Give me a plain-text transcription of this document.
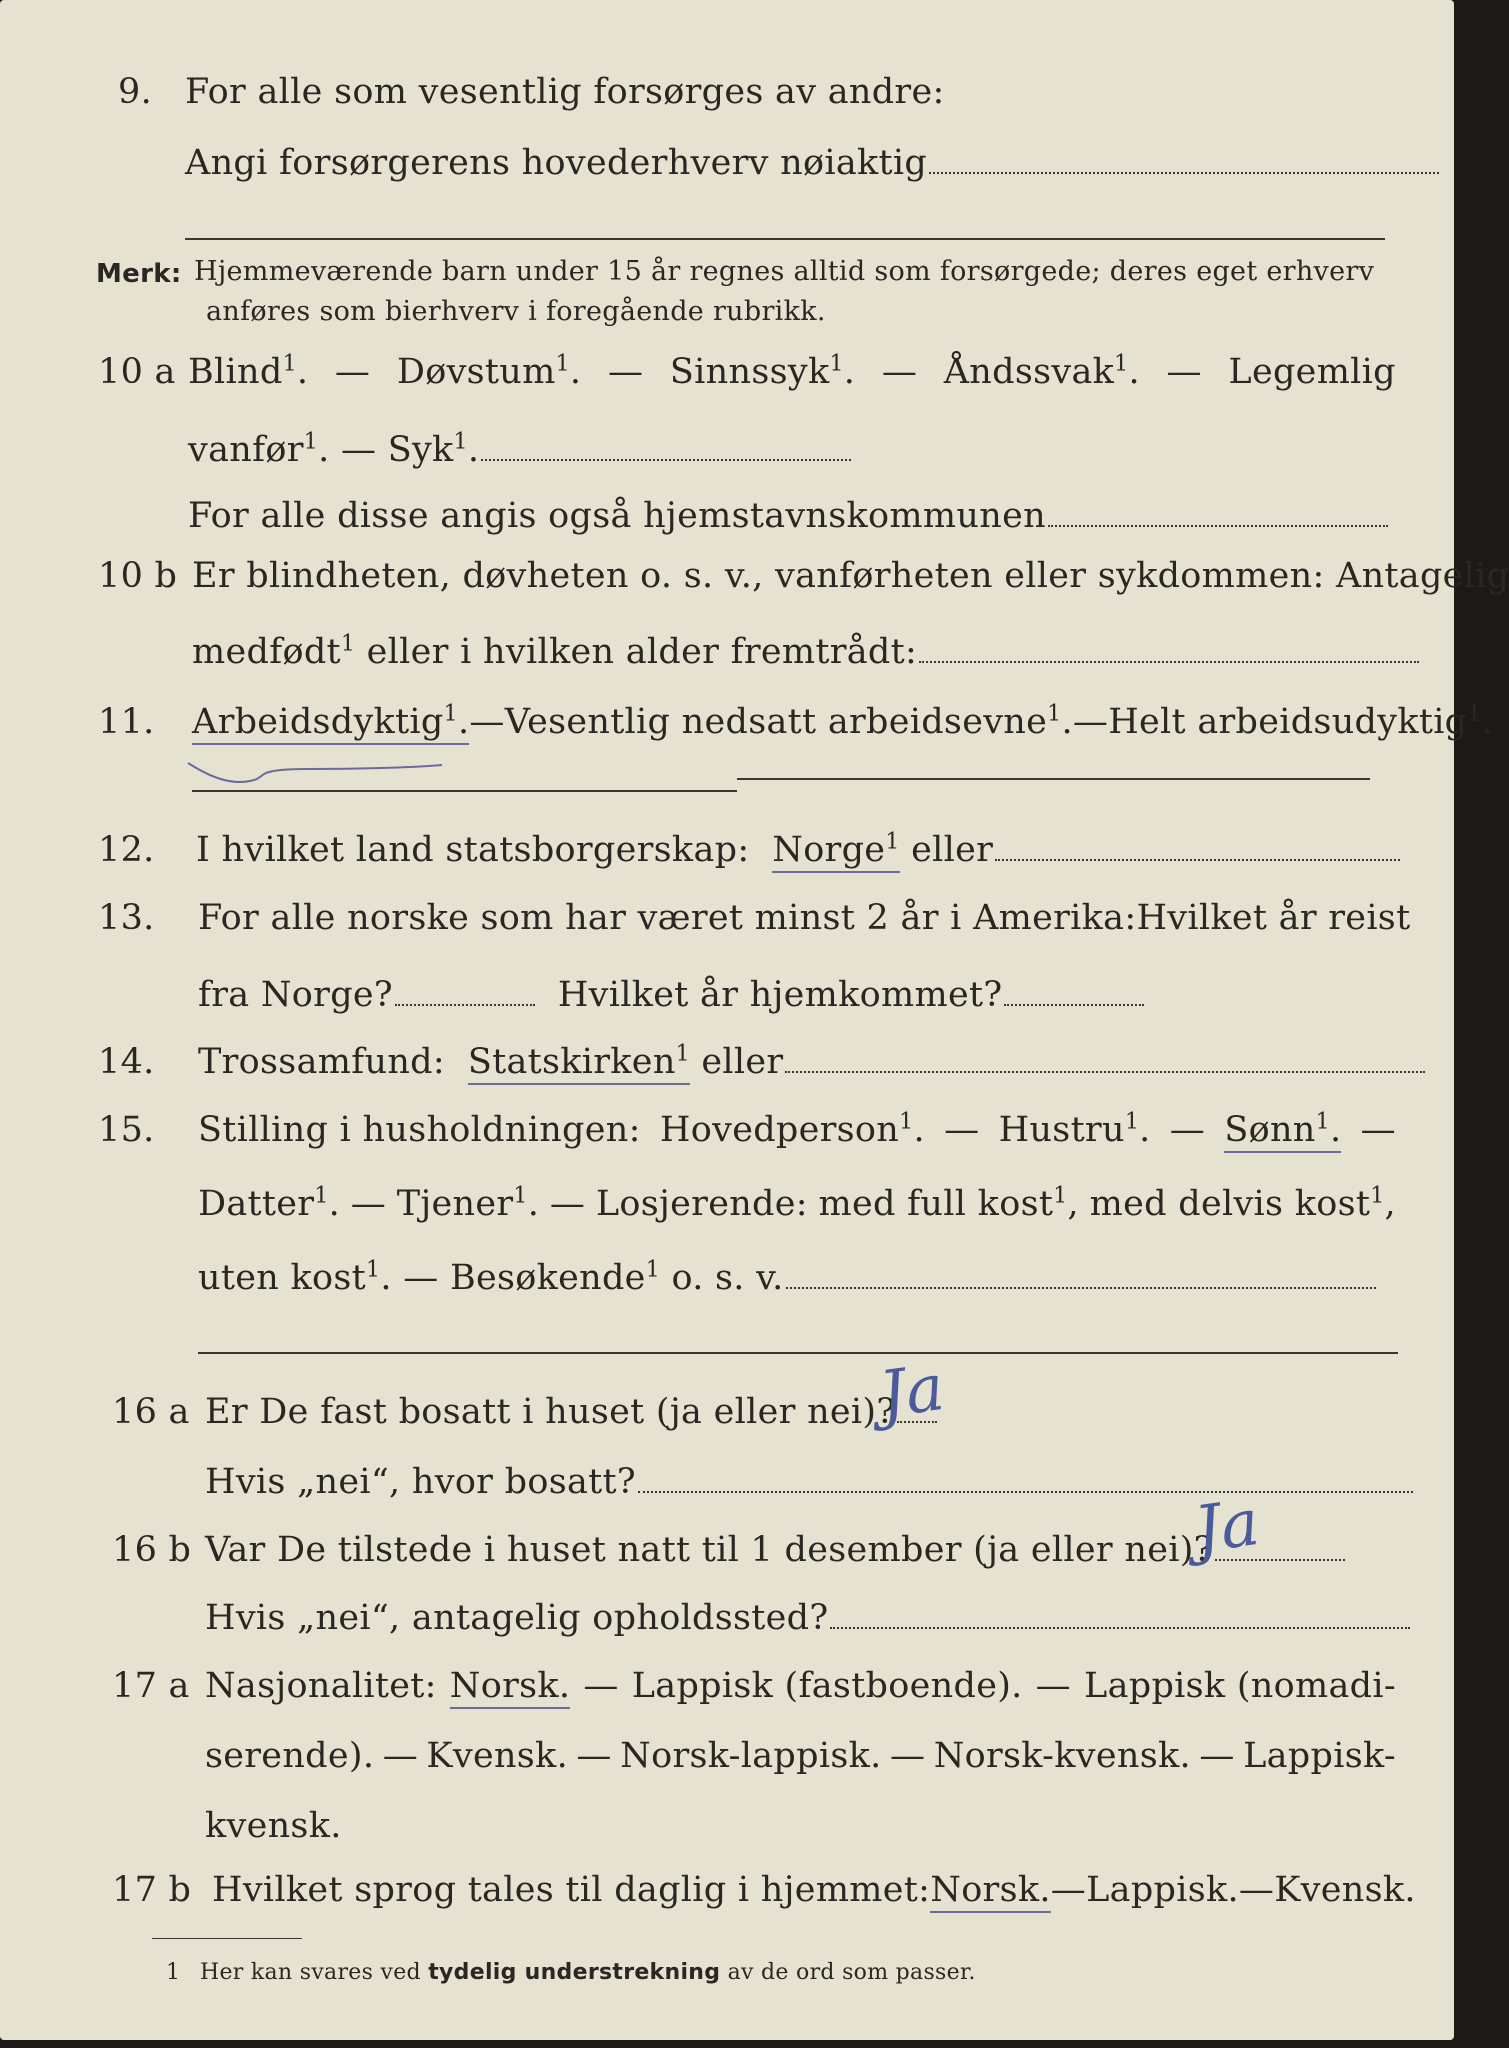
9. For alle som vesentlig forsørges av andre:
Angi forsørgerens hovederhverv nøiaktig
Merk: Hjemmeværende barn under 15 år regnes alltid som forsørgede; deres eget erhverv
anføres som bierhverv i foregående rubrikk.
10 a Blind$^1$. — Døvstum$^1$. — Sinnssyk$^1$. — Åndssvak$^1$. — Legemlig
vanfør$^1$. — Syk$^1$.
For alle disse angis også hjemstavnskommunen
10 b Er blindheten, døvheten o. s. v., vanførheten eller sykdommen: Antagelig
medfødt$^1$ eller i hvilken alder fremtrådt:
11. Arbeidsdyktig$^1$. — Vesentlig nedsatt arbeidsevne$^1$. — Helt arbeidsudyktig$^1$.
12. I hvilket land statsborgerskap: Norge$^1$ eller
13. For alle norske som har været minst 2 år i Amerika: Hvilket år reist
fra Norge?	Hvilket år hjemkommet?
14. Trossamfund: Statskirken$^1$ eller
15. Stilling i husholdningen: Hovedperson$^1$. — Hustru$^1$. — Sønn$^1$. —
Datter$^1$. — Tjener$^1$. — Losjerende: med full kost$^1$, med delvis kost$^1$,
uten kost$^1$. — Besøkende$^1$ o. s. v.
16 a Er De fast bosatt i huset (ja eller nei)?
Ja
Hvis „nei“, hvor bosatt?
16 b Var De tilstede i huset natt til 1 desember (ja eller nei)?
Ja
Hvis „nei“, antagelig opholdssted?
17 a Nasjonalitet: Norsk. — Lappisk (fastboende). — Lappisk (nomadi-
serende). — Kvensk. — Norsk-lappisk. — Norsk-kvensk. — Lappisk-
kvensk.
17 b Hvilket sprog tales til daglig i hjemmet: Norsk. — Lappisk. — Kvensk.
1 Her kan svares ved tydelig understrekning av de ord som passer.
